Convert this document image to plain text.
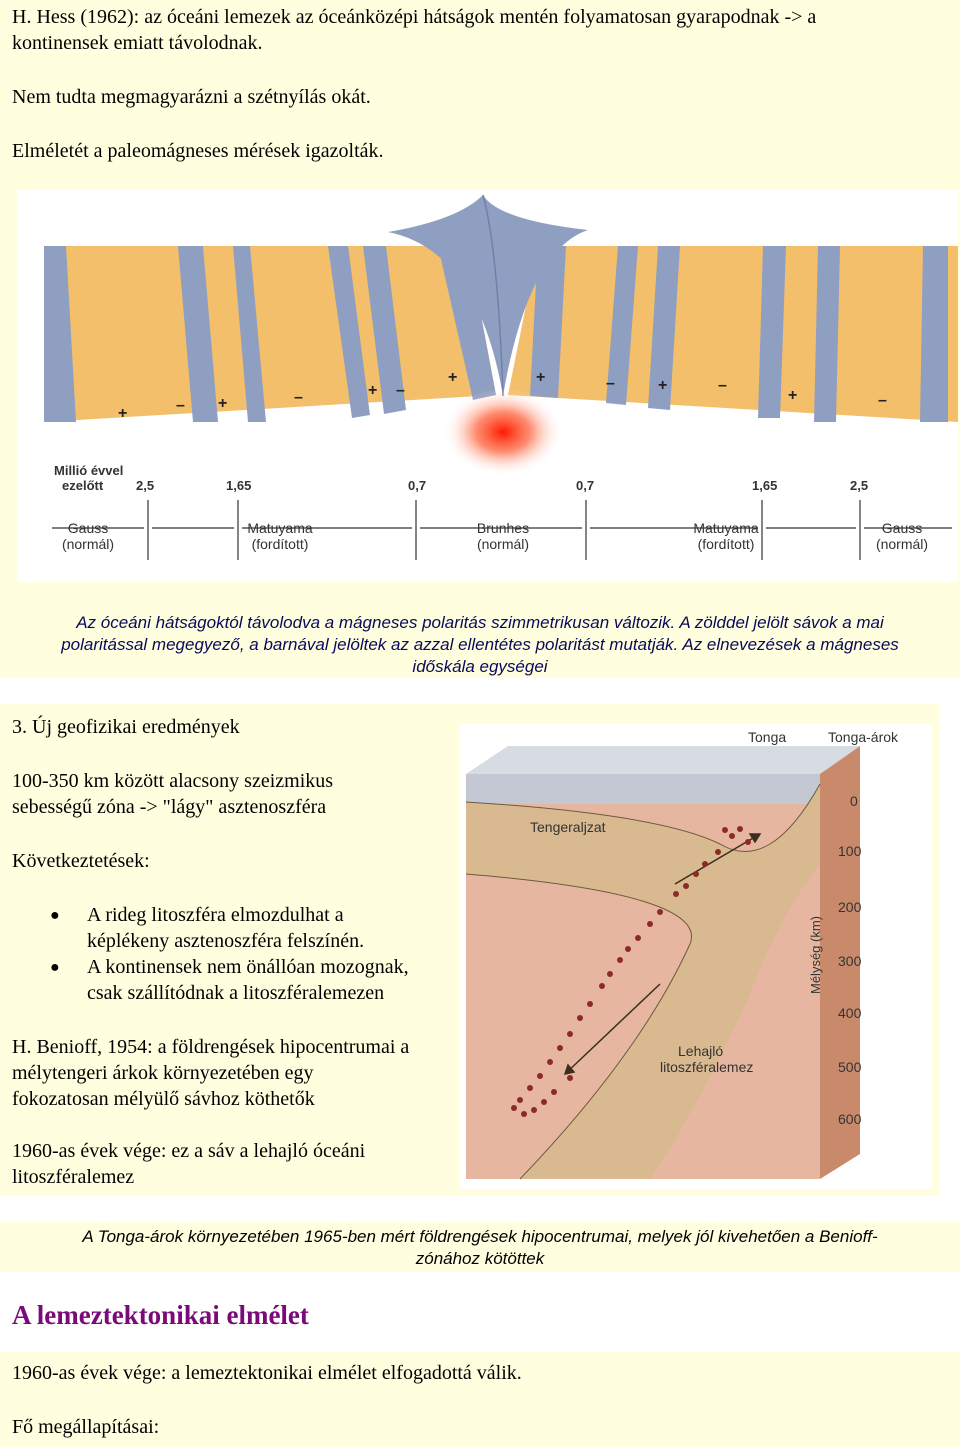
H. Hess (1962): az óceáni lemezek az óceánközépi hátságok mentén folyamatosan gyarapodnak -> a

kontinensek emiatt távolodnak.

Nem tudta megmagyarázni a szétnyílás okát.

Elméletét a paleomágneses mérések igazolták.

+	– +	–	+ –
+	+	–	+	–
+	–
Millió évvel
ezelőtt	2,5	1,65	0,7	0,7	1,65	2,5
Gauss
(normál)
Matuyama
(fordított)
Brunhes
(normál)
Matuyama
(fordított)
Gauss
(normál)

Az óceáni hátságoktól távolodva a mágneses polaritás szimmetrikusan változik. A zölddel jelölt sávok a mai

polaritással megegyező, a barnával jelöltek az azzal ellentétes polaritást mutatják. Az elnevezések a mágneses

időskála egységei

3. Új geofizikai eredmények

100-350 km között alacsony szeizmikus

sebességű zóna -> "lágy" asztenoszféra

Következtetések:

● A rideg litoszféra elmozdulhat a
képlékeny asztenoszféra felszínén.
● A kontinensek nem önállóan mozognak,
csak szállítódnak a litoszféralemezen

H. Benioff, 1954: a földrengések hipocentrumai a

mélytengeri árkok környezetében egy

fokozatosan mélyülő sávhoz köthetők

1960-as évek vége: ez a sáv a lehajló óceáni

litoszféralemez

Tonga	Tonga-árok
Tengeraljzat
Lehajló
litoszféralemez
0
100
200
300
400
500
600
Mélység (km)

A Tonga-árok környezetében 1965-ben mért földrengések hipocentrumai, melyek jól kivehetően a Benioff-

zónához kötöttek

A lemeztektonikai elmélet

1960-as évek vége: a lemeztektonikai elmélet elfogadottá válik.

Fő megállapításai:
